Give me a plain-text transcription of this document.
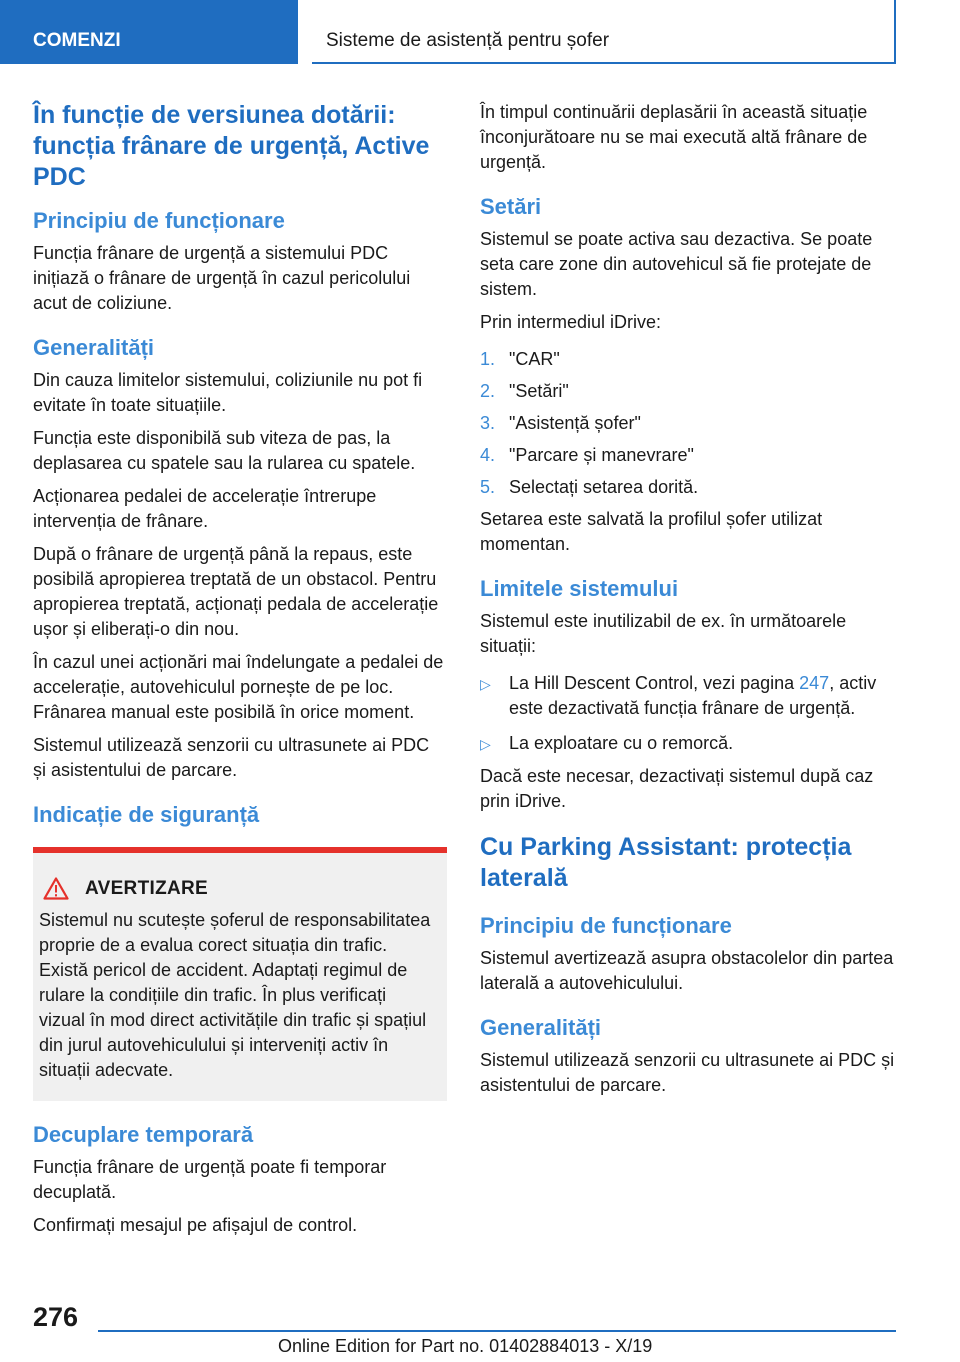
COMENZI	Sisteme de asistență pentru șofer
În funcție de versiunea dotării: funcția frânare de urgență, Active PDC
Principiu de funcționare
Funcția frânare de urgență a sistemului PDC inițiază o frânare de urgență în cazul pericolului acut de coliziune.
Generalități
Din cauza limitelor sistemului, coliziunile nu pot fi evitate în toate situațiile.
Funcția este disponibilă sub viteza de pas, la deplasarea cu spatele sau la rularea cu spatele.
Acționarea pedalei de accelerație întrerupe intervenția de frânare.
După o frânare de urgență până la repaus, este posibilă apropierea treptată de un obstacol. Pentru apropierea treptată, acționați pedala de accelerație ușor și eliberați-o din nou.
În cazul unei acționări mai îndelungate a pedalei de accelerație, autovehiculul pornește de pe loc. Frânarea manual este posibilă în orice moment.
Sistemul utilizează senzorii cu ultrasunete ai PDC și asistentului de parcare.
Indicație de siguranță
AVERTIZARE
Sistemul nu scutește șoferul de responsabilitatea proprie de a evalua corect situația din trafic. Există pericol de accident. Adaptați regimul de rulare la condițiile din trafic. În plus verificați vizual în mod direct activitățile din trafic și spațiul din jurul autovehiculului și interveniți activ în situații adecvate.
Decuplare temporară
Funcția frânare de urgență poate fi temporar decuplată.
Confirmați mesajul pe afișajul de control.
În timpul continuării deplasării în această situație înconjurătoare nu se mai execută altă frânare de urgență.
Setări
Sistemul se poate activa sau dezactiva. Se poate seta care zone din autovehicul să fie protejate de sistem.
Prin intermediul iDrive:
1. "CAR"
2. "Setări"
3. "Asistență șofer"
4. "Parcare și manevrare"
5. Selectați setarea dorită.
Setarea este salvată la profilul șofer utilizat momentan.
Limitele sistemului
Sistemul este inutilizabil de ex. în următoarele situații:
▷	La Hill Descent Control, vezi pagina 247, activ este dezactivată funcția frânare de urgență.
▷	La exploatare cu o remorcă.
Dacă este necesar, dezactivați sistemul după caz prin iDrive.
Cu Parking Assistant: protecția laterală
Principiu de funcționare
Sistemul avertizează asupra obstacolelor din partea laterală a autovehiculului.
Generalități
Sistemul utilizează senzorii cu ultrasunete ai PDC și asistentului de parcare.
276
Online Edition for Part no. 01402884013 - X/19
